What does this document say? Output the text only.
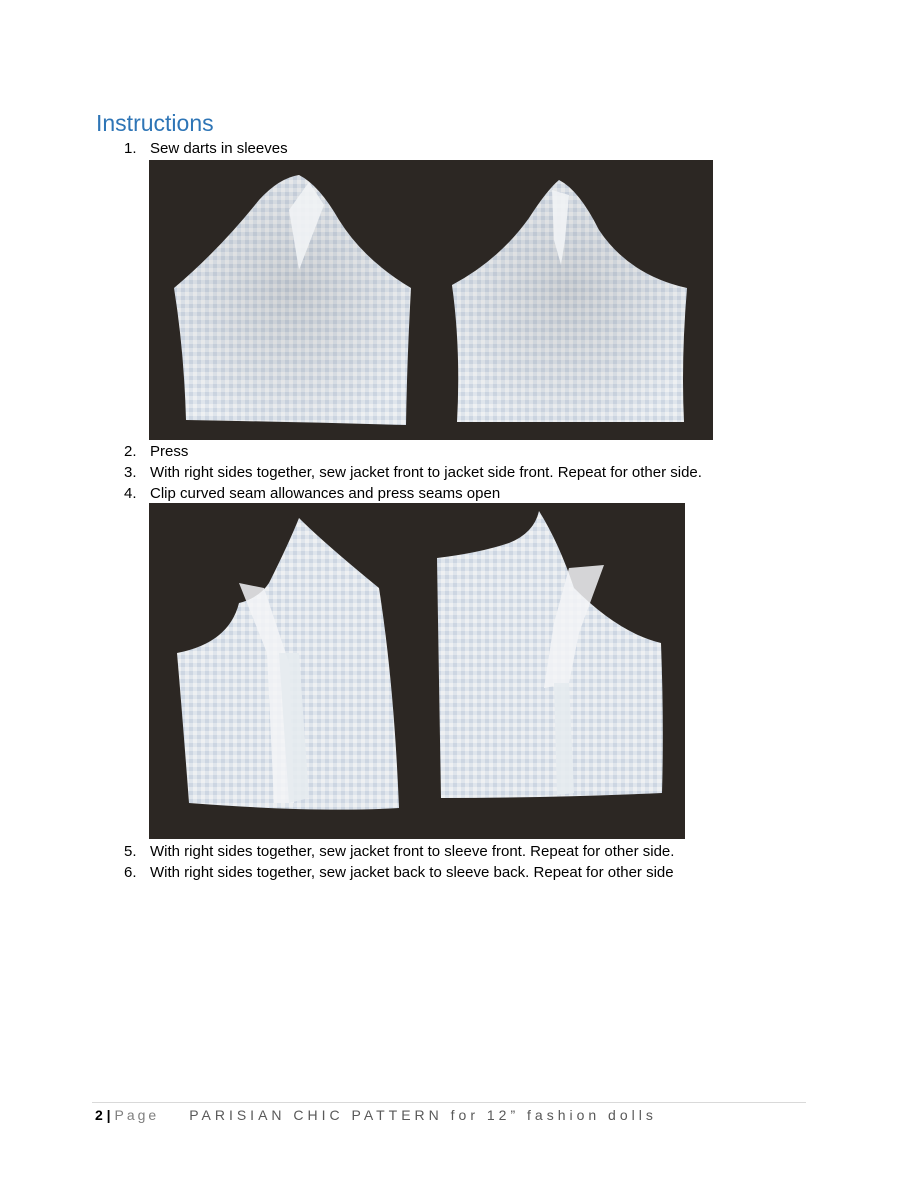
Instructions
1. Sew darts in sleeves
2. Press
3. With right sides together, sew jacket front to jacket side front. Repeat for other side.
4. Clip curved seam allowances and press seams open
5. With right sides together, sew jacket front to sleeve front. Repeat for other side.
6. With right sides together, sew jacket back to sleeve back. Repeat for other side
2 | Page PARISIAN CHIC PATTERN for 12” fashion dolls
